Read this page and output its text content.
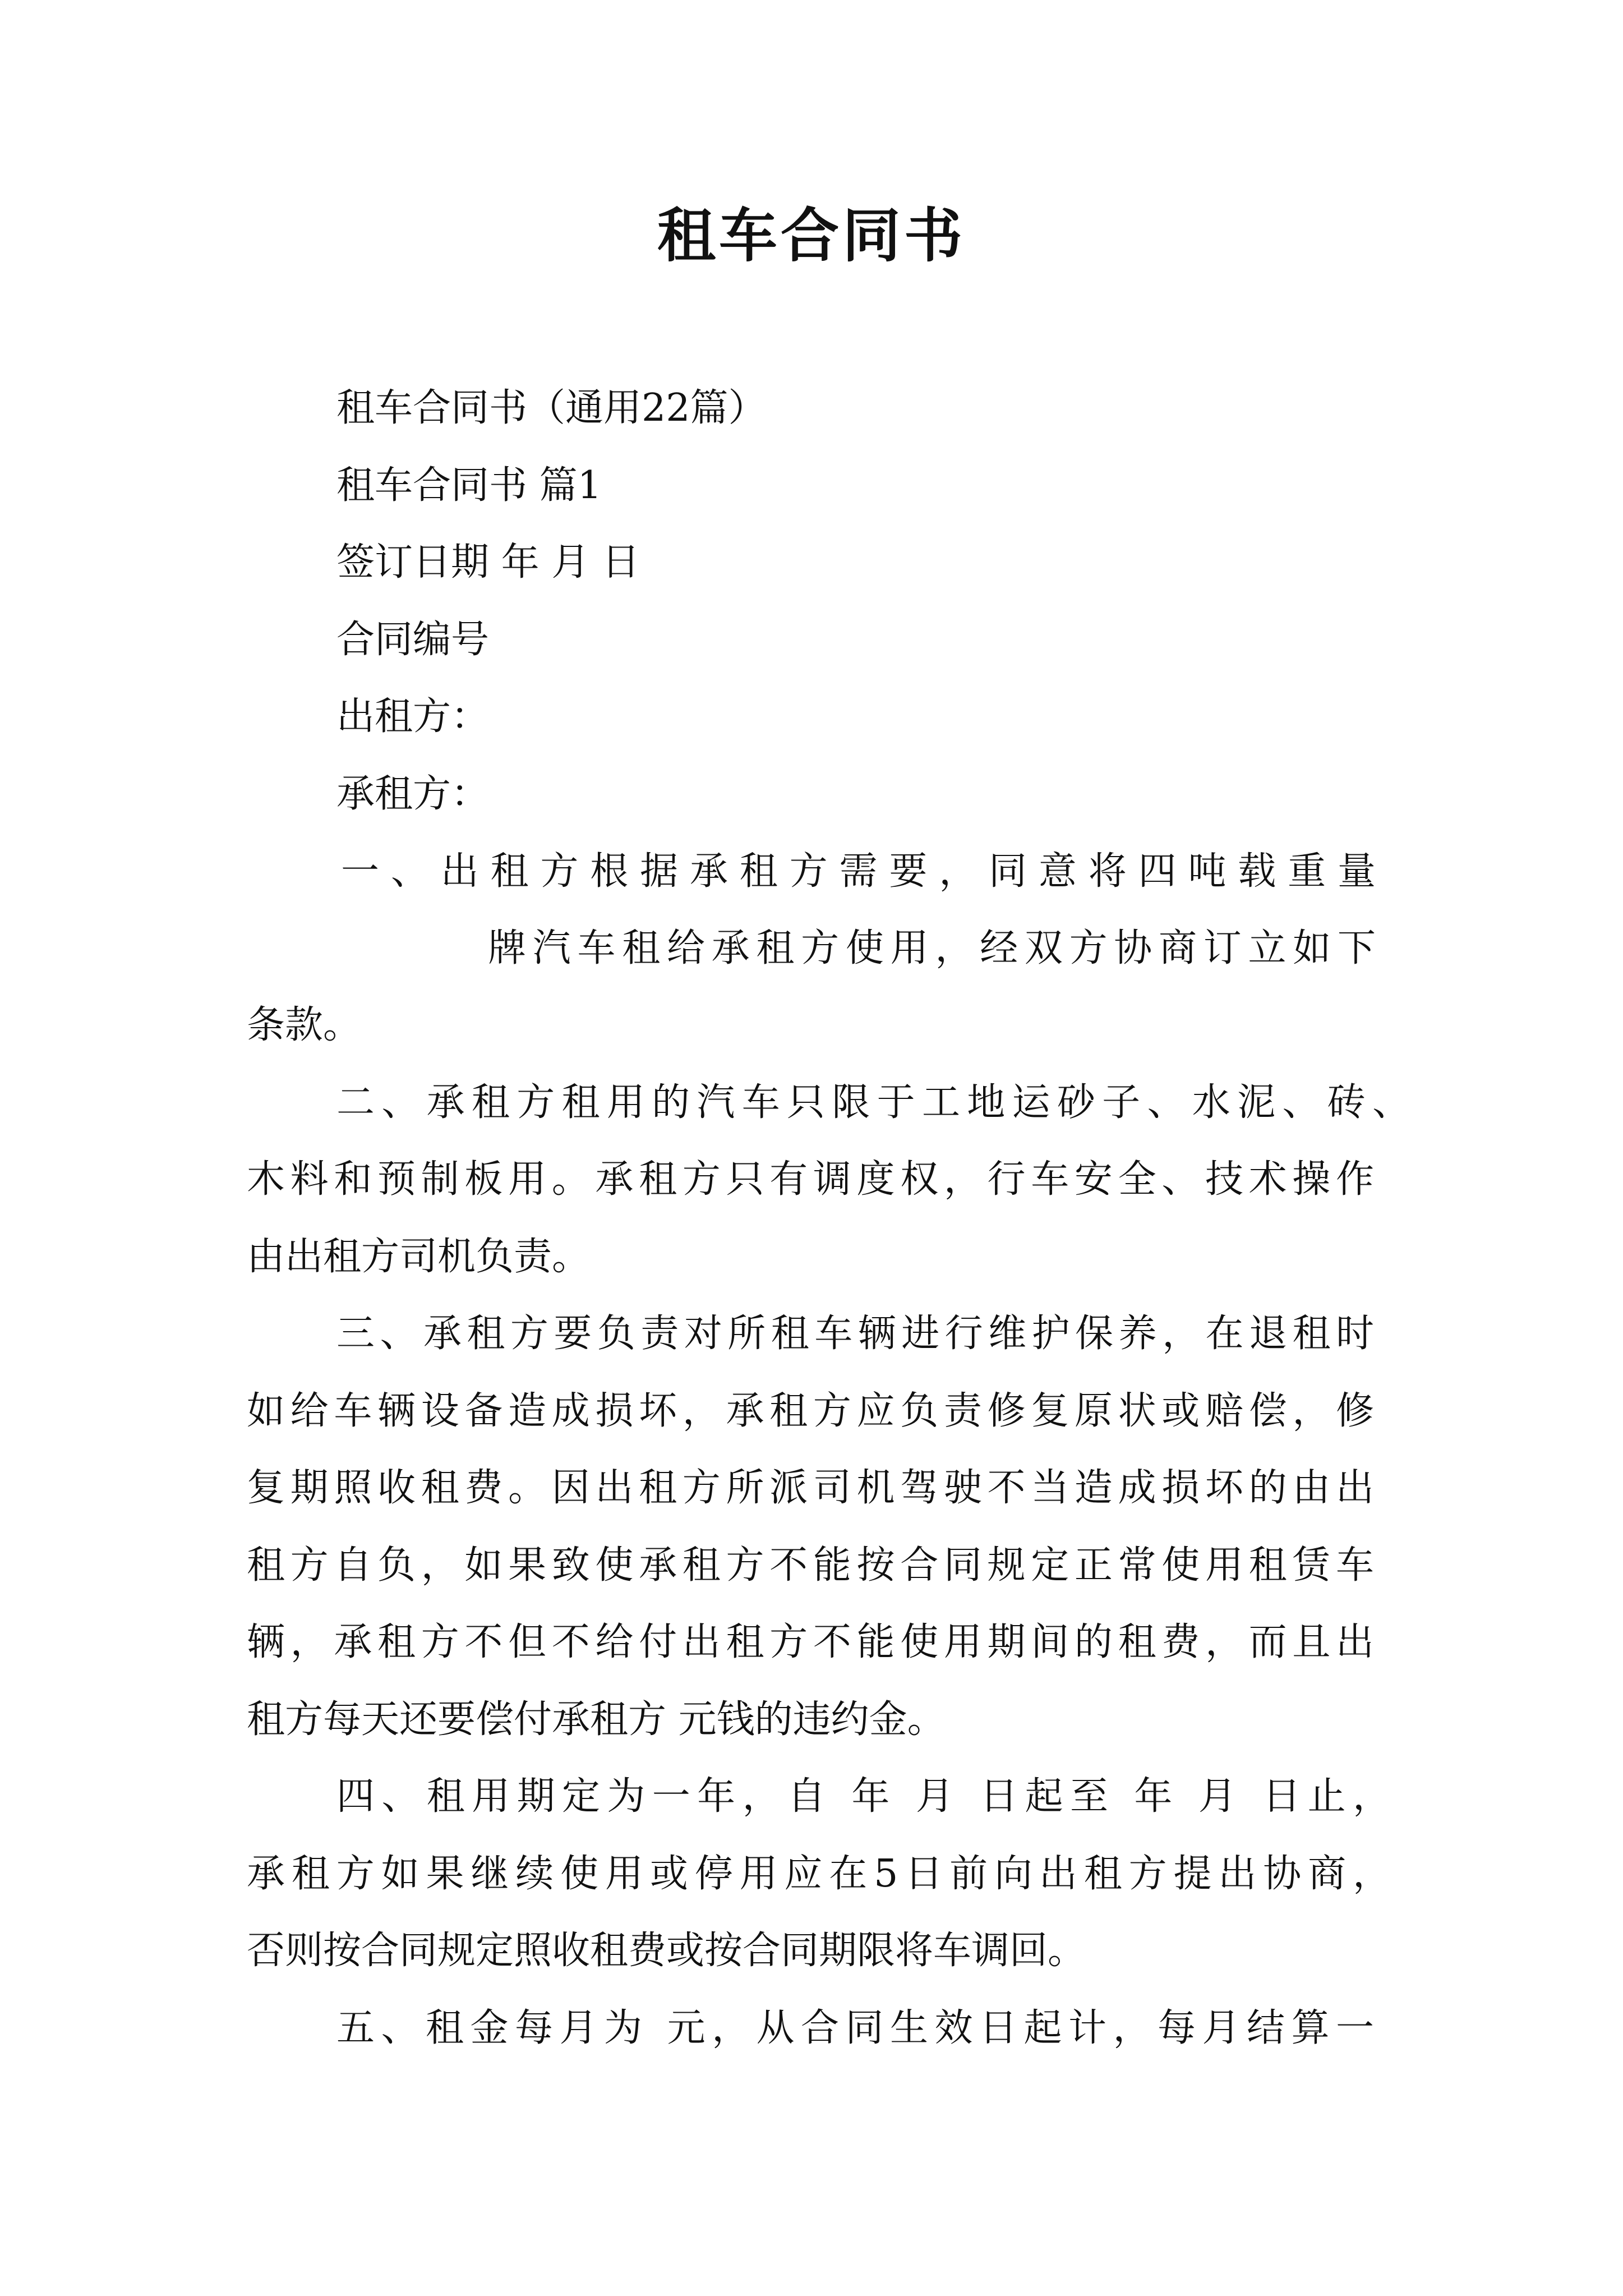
租车合同书
租车合同书（通用22篇）
租车合同书 篇1
签订日期 年 月 日
合同编号
出租方：
承租方：
一、出租方根据承租方需要，同意将四吨载重量
牌汽车租给承租方使用，经双方协商订立如下
条款。
二、承租方租用的汽车只限于工地运砂子、水泥、砖、
木料和预制板用。承租方只有调度权，行车安全、技术操作
由出租方司机负责。
三、承租方要负责对所租车辆进行维护保养，在退租时
如给车辆设备造成损坏，承租方应负责修复原状或赔偿，修
复期照收租费。因出租方所派司机驾驶不当造成损坏的由出
租方自负，如果致使承租方不能按合同规定正常使用租赁车
辆，承租方不但不给付出租方不能使用期间的租费，而且出
租方每天还要偿付承租方 元钱的违约金。
四、租用期定为一年，自 年 月 日起至 年 月 日止，
承租方如果继续使用或停用应在5日前向出租方提出协商，
否则按合同规定照收租费或按合同期限将车调回。
五、租金每月为 元，从合同生效日起计，每月结算一
